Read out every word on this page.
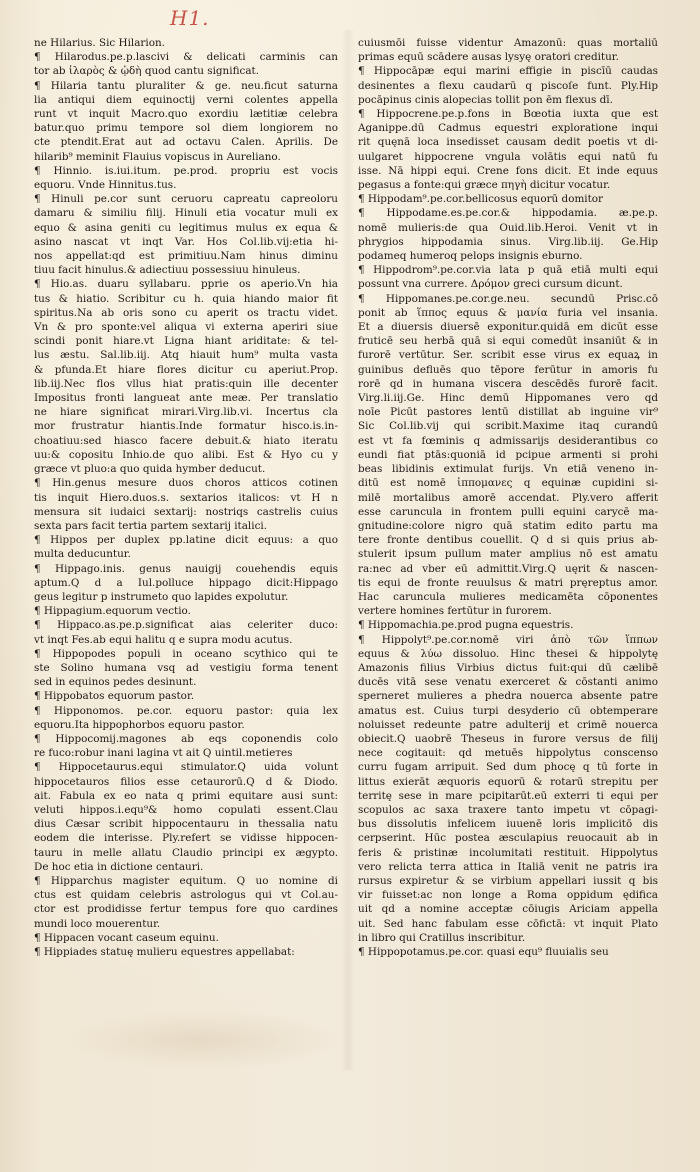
H1.
ne Hilarius. Sic Hilarion.
¶ Hilarodus.pe.p.lascivi & delicati carminis can
tor ab ἱλαρὸς & ᾠδὴ quod cantu significat.
¶ Hilaria tantu pluraliter & ge. neu.ficut saturna
lia antiqui diem equinoctij verni colentes appella
runt vt inquit Macro.quo exordiu lætitiæ celebra
batur.quo primu tempore sol diem longiorem no
cte ptendit.Erat aut ad octavu Calen. Aprilis. De
hilarib⁹ meminit Flauius vopiscus in Aureliano.
¶ Hinnio. is.iui.itum. pe.prod. propriu est vocis
equoru. Vnde Hinnitus.tus.
¶ Hinuli pe.cor sunt ceruoru capreatu capreoloru
damaru & similiu filij. Hinuli etia vocatur muli ex
equo & asina geniti cu legitimus mulus ex equa &
asino nascat vt inqt Var. Hos Col.lib.vij:etia hi-
nos appellat:qd est primitiuu.Nam hinus diminu
tiuu facit hinulus.& adiectiuu possessiuu hinuleus.
¶ Hio.as. duaru syllabaru. ppriе os aperio.Vn hia
tus & hiatio. Scribitur cu h. quia hiando maior fit
spiritus.Na ab oris sono cu aperit os tractu videt.
Vn & pro sponte:vel aliqua vi externa aperiri siue
scindi ponit hiare.vt Ligna hiant ariditate: & tel-
lus æstu. Sal.lib.iij. Atq hiauit hum⁹ multa vasta
& pfunda.Et hiare flores dicitur cu aperiut.Prop.
lib.iij.Nec flos vllus hiat pratis:quin ille decenter
Impositus fronti langueat ante meæ. Per translatio
ne hiare significat mirari.Virg.lib.vi. Incertus cla
mor frustratur hiantis.Inde formatur hisco.is.in-
choatiuu:sed hiasco facere debuit.& hiato iteratu
uu:& copositu Inhio.de quo alibi. Est & Hyo cu y
græce vt pluo:a quo quida hymber deducut.
¶ Hin.genus mesure duos choros atticos cotinen
tis inquit Hiero.duos.s. sextarios italicos: vt H n
mensura sit iudaici sextarij: nostriqs castrelis cuius
sexta pars facit tertia partem sextarij italici.
¶ Hippos per duplex pp.latine dicit equus: a quo
multa deducuntur.
¶ Hippago.inis. genus nauigij couehendis equis
aptum.Q d a Iul.polluce hippago dicit:Hippago
geus legitur p instrumeto quo lapides expolutur.
¶ Hippagium.equorum vectio.
¶ Hippaco.as.pe.p.significat aias celeriter duco:
vt inqt Fes.ab equi halitu q e supra modu acutus.
¶ Hippopodes populi in oceano scythico qui te
ste Solino humana vsq ad vestigiu forma tenent
sed in equinos pedes desinunt.
¶ Hippobatos equorum pastor.
¶ Hipponomos. pe.cor. equoru pastor: quia lex
equoru.Ita hippophorbos equoru pastor.
¶ Hippocomij.magones ab eqs coponendis colo
re fuco:robur inani lagina vt ait Q uintil.metiетes
¶ Hippocetaurus.equi stimulator.Q uida volunt
hippocetauros filios esse cetaurorū.Q d & Diodo.
ait. Fabula ex eo nata q primi equitare ausi sunt:
veluti hippos.i.equ⁹& homo copulati essent.Clau
dius Cæsar scribit hippocentauru in thessalia natu
eodem die interisse. Ply.refert se vidisse hippocen-
tauru in melle allatu Claudio principi ex ægypto.
De hoc etia in dictione centauri.
¶ Hipparchus magister equitum. Q uo nomine di
ctus est quidam celebris astrologus qui vt Col.au-
ctor est prodidisse fertur tempus fore quo cardines
mundi loco mouerentur.
¶ Hippacen vocant caseum equinu.
¶ Hippiades statuę mulieru equestres appellabat:
cuiusmōi fuisse videntur Amazonū: quas mortaliū
primas equū scādere ausas lysyę oratori creditur.
¶ Hippocāpæ equi marini effigie in piscīū caudas
desinentes a flexu caudarū q piscoſe funt. Ply.Hip
pocāpinus cinis alopecias tollit pon ēm flexus dī.
¶ Hippocrene.pe.p.fons in Bœotia iuxta que est
Aganippe.dū Cadmus equestri exploratione inqui
rit quęnā loca insedisset causam dedit poetis vt di-
uulgaret hippocrene vngula volātis equi natū fu
isse. Nā hippi equi. Crene fons dicit. Et inde equus
pegasus a fonte:qui græce πηγὴ dicitur vocatur.
¶ Hippodam⁹.pe.cor.bellicosus equorū domitor
¶ Hippodame.es.pe.cor.& hippodamia. æ.pe.p.
nomē mulieris:de qua Ouid.lib.Heroi. Venit vt in
phrygios hippodamia sinus. Virg.lib.iij. Ge.Hip
podameq humeroq pelops insignis eburno.
¶ Hippodrom⁹.pe.cor.via lata p quā etiā multi equi
possunt vna currere. Δρόμον greci cursum dicunt.
¶ Hippomanes.pe.cor.ge.neu. secundū Prisc.cō
ponit ab ἵππος equus & μανία furia vel insania.
Et a diuersis diuersē exponitur.quidā em dicūt esse
fruticē seu herbā quā si equi comedūt insaniūt & in
furorē vertūtur. Ser. scribit esse virus ex equaꝝ in
guinibus defluēs quo tēpore ferūtur in amoris fu
rorē qd in humana viscera descēdēs furorē facit.
Virg.li.iij.Ge. Hinc demū Hippomanes vero qd
noīe Picūt pastores lentū distillat ab inguine vir⁹
Sic Col.lib.vij qui scribit.Maxime itaq curandū
est vt fa fœminis q admissarijs desiderantibus co
eundi fiat ptās:quoniā id pcipue armenti si prohi
beas libidinis extimulat furijs. Vn etiā veneno in-
ditū est nomē ἱππομανες q equinæ cupidini si-
milē mortalibus amorē accendat. Ply.vero afferit
esse caruncula in frontem pulli equini carycē ma-
gnitudine:colore nigro quā statim edito partu ma
tere fronte dentibus couellit. Q d si quis prius ab-
stulerit ipsum pullum mater amplius nō est amatu
ra:nec ad vber eū admittit.Virg.Q uęrit & nascen-
tis equi de fronte reuulsus & matri pręreptus amor.
Hac caruncula mulieres medicamēta cōponentes
vertere homines fertūtur in furorem.
¶ Hippomachia.pe.prod pugna equestris.
¶ Hippolyt⁹.pe.cor.nomē viri ἀπὸ τῶν ἵππων
equus & λύω dissoluo. Hinc thesei & hippolytę
Amazonis filius Virbius dictus fuit:qui dū cælibē
ducēs vitā sese venatu exerceret & cōstanti animo
sperneret mulieres a phedra nouerca absente patre
amatus est. Cuius turpi desyderio cū obtemperare
noluisset redeunte patre adulterij et crimē nouerca
obiecit.Q uaobrē Theseus in furore versus de filij
nece cogitauit: qd metuēs hippolytus conscenso
curru fugam arripuit. Sed dum phocę q tū forte in
littus exierāt æquoris equorū & rotarū strepitu per
territę sese in mare pcipitarūt.eū exterri ti equi per
scopulos ac saxa traxere tanto impetu vt cōpagi-
bus dissolutis infelicem iuuenē loris implicitō dis
cerpserint. Hūc postea æsculapius reuocauit ab in
feris & pristinæ incolumitati restituit. Hippolytus
vero relicta terra attica in Italiā venit ne patris ira
rursus expiretur & se virbium appellari iussit q bis
vir fuisset:ac non longe a Roma oppidum ędifica
uit qd a nomine acceptæ cōiugis Ariciam appella
uit. Sed hanc fabulam esse cōfictā: vt inquit Plato
in libro qui Cratillus inscribitur.
¶ Hippopotamus.pe.cor. quasi equ⁹ fluuialis seu
